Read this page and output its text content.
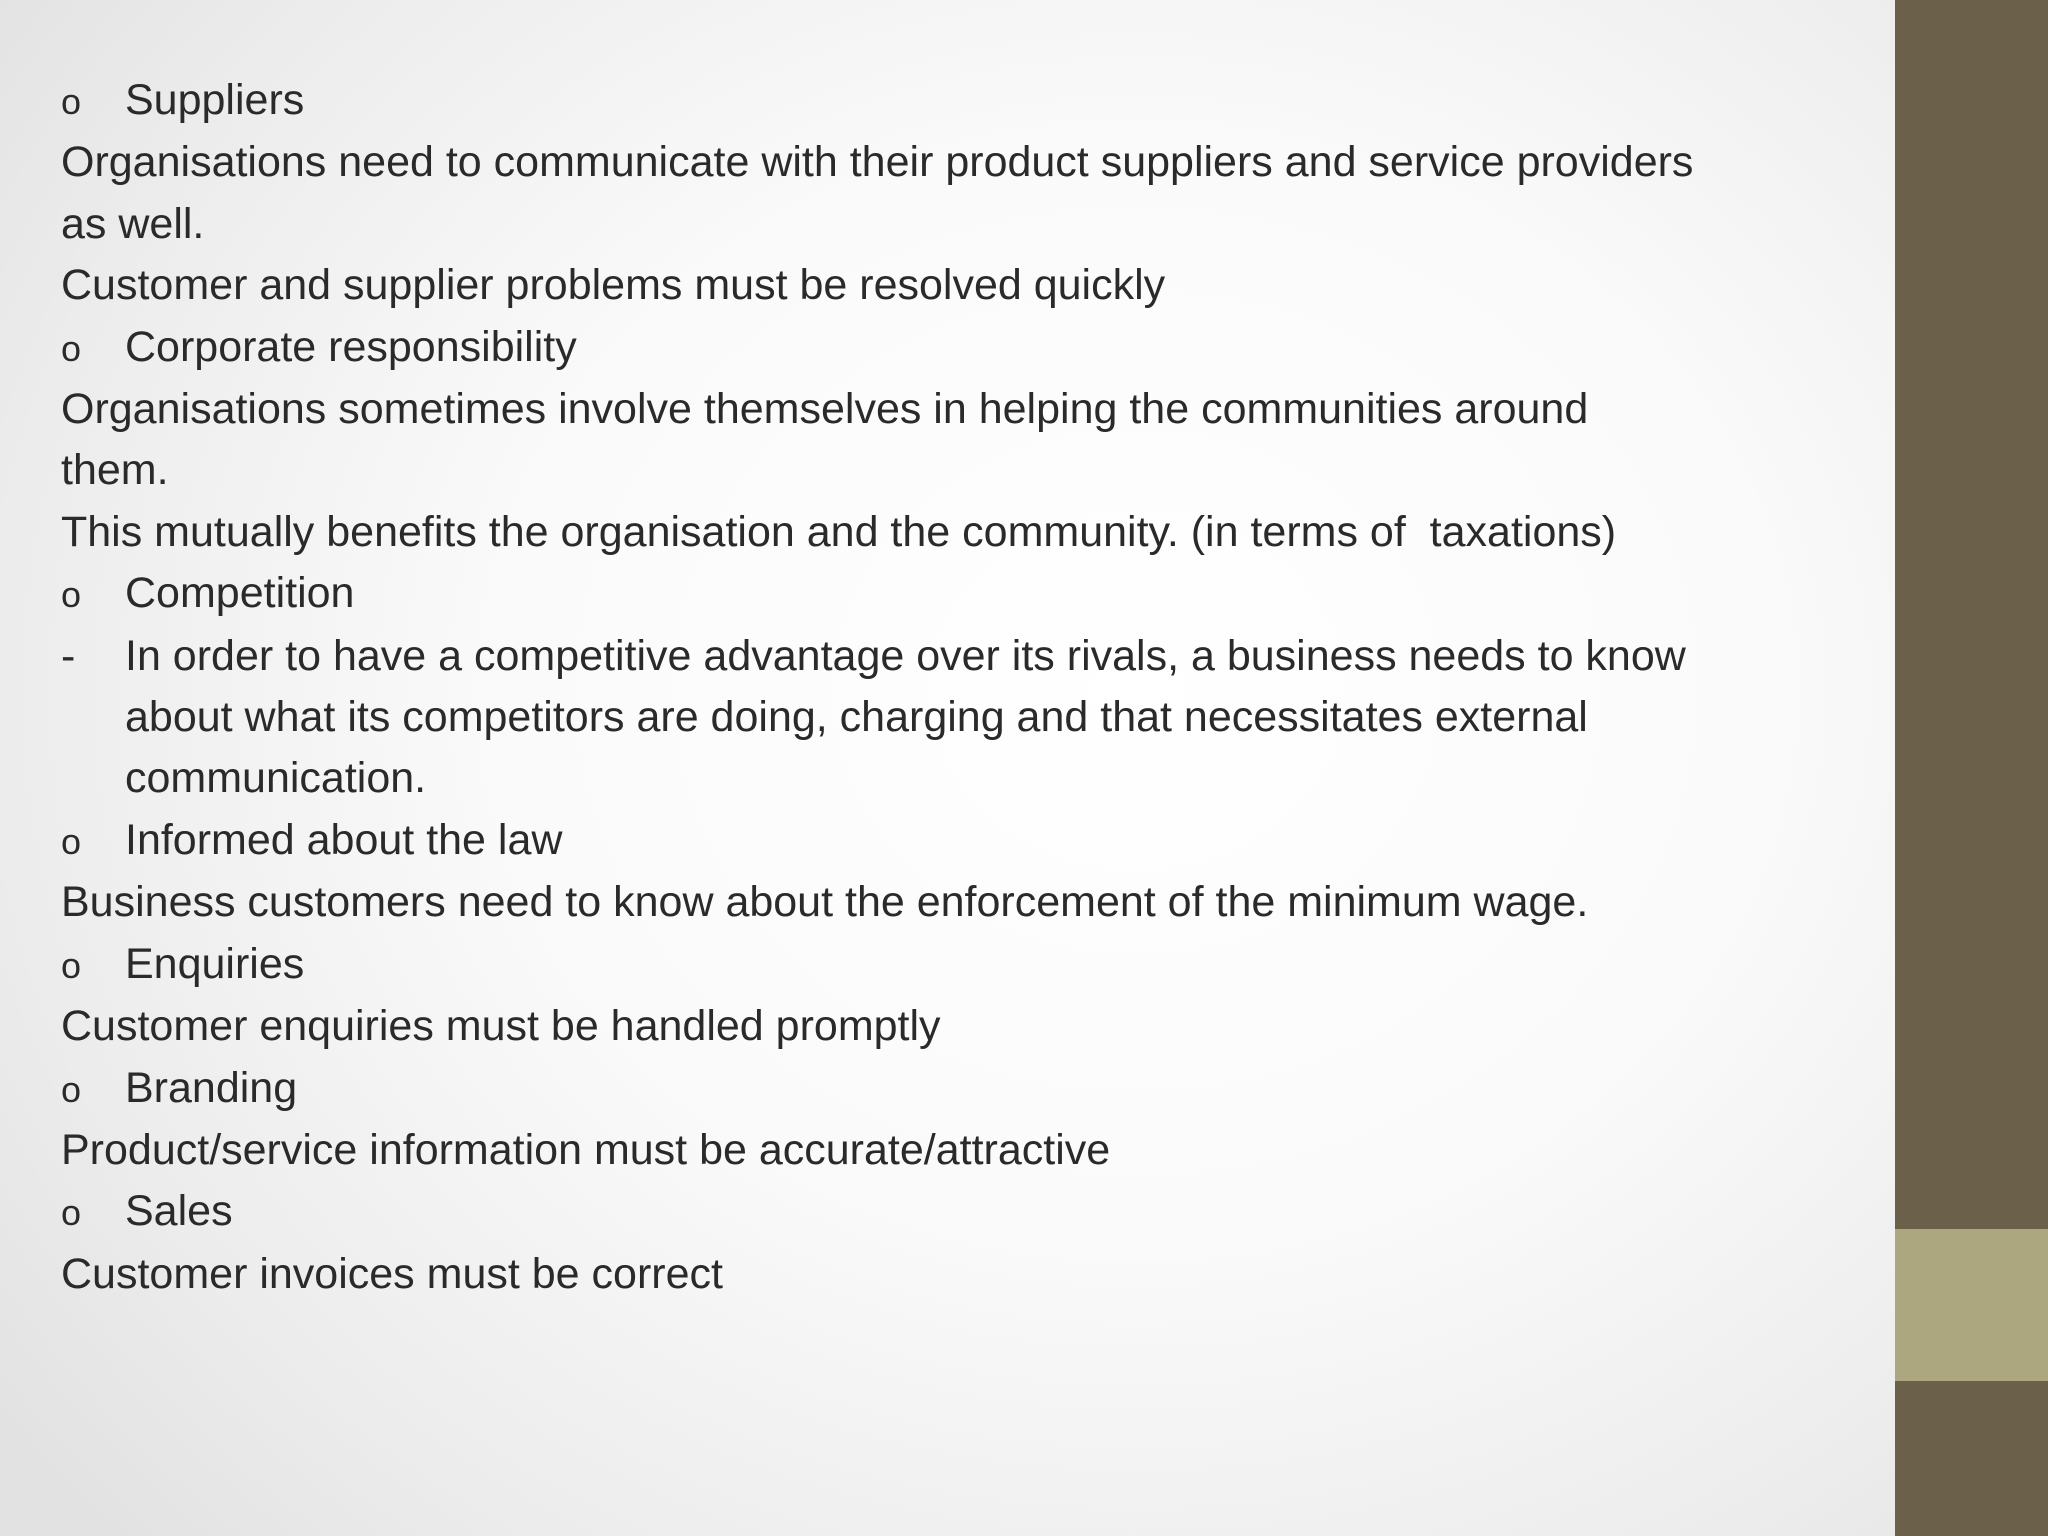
o	Suppliers
Organisations need to communicate with their product suppliers and service providers
as well.
Customer and supplier problems must be resolved quickly
o	Corporate responsibility
Organisations sometimes involve themselves in helping the communities around
them.
This mutually benefits the organisation and the community. (in terms of  taxations)
o	Competition
-	In order to have a competitive advantage over its rivals, a business needs to know
about what its competitors are doing, charging and that necessitates external
communication.
o	Informed about the law
Business customers need to know about the enforcement of the minimum wage.
o	Enquiries
Customer enquiries must be handled promptly
o	Branding
Product/service information must be accurate/attractive
o	Sales
Customer invoices must be correct
